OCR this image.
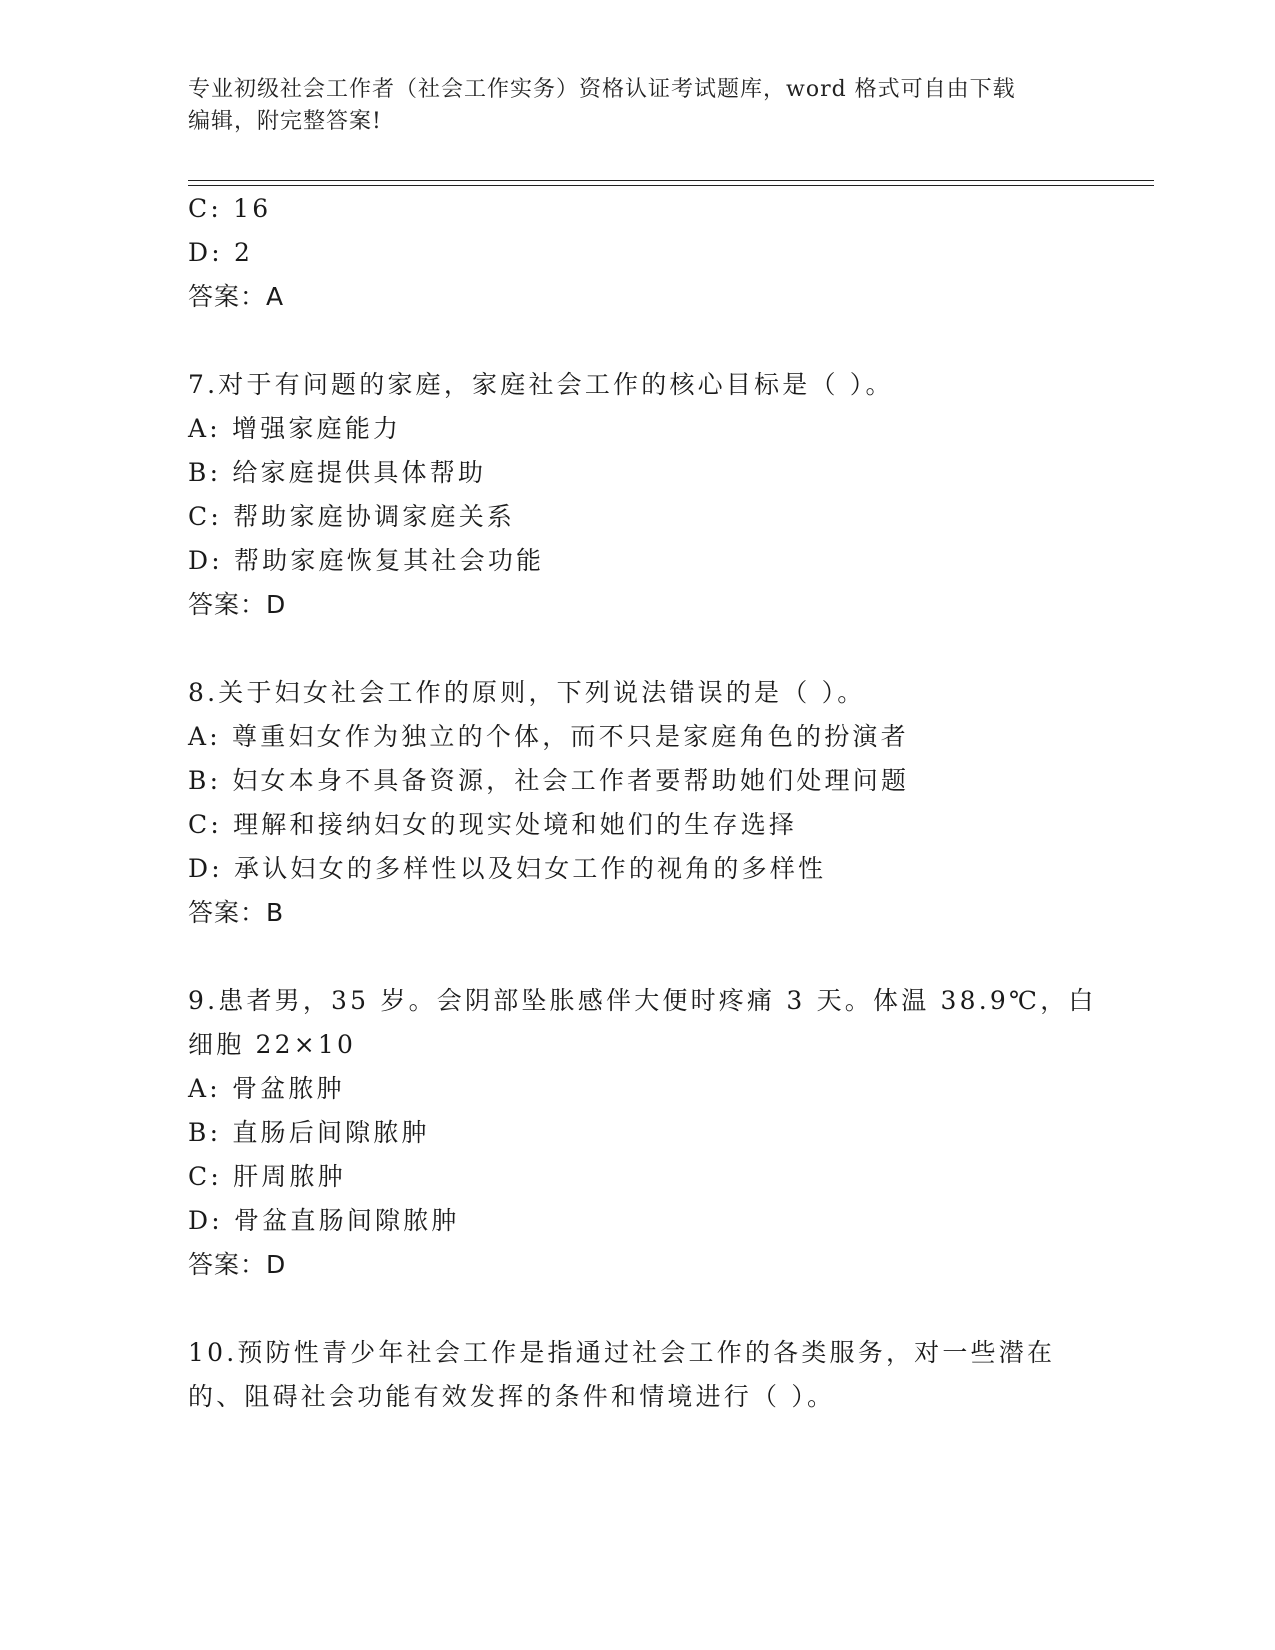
专业初级社会工作者（社会工作实务）资格认证考试题库，word 格式可自由下载
编辑，附完整答案!
C: 16
D: 2
答案：A
7.对于有问题的家庭，家庭社会工作的核心目标是（ ）。
A: 增强家庭能力
B: 给家庭提供具体帮助
C: 帮助家庭协调家庭关系
D: 帮助家庭恢复其社会功能
答案：D
8.关于妇女社会工作的原则，下列说法错误的是（ ）。
A: 尊重妇女作为独立的个体，而不只是家庭角色的扮演者
B: 妇女本身不具备资源，社会工作者要帮助她们处理问题
C: 理解和接纳妇女的现实处境和她们的生存选择
D: 承认妇女的多样性以及妇女工作的视角的多样性
答案：B
9.患者男，35 岁。会阴部坠胀感伴大便时疼痛 3 天。体温 38.9℃，白
细胞 22×10
A: 骨盆脓肿
B: 直肠后间隙脓肿
C: 肝周脓肿
D: 骨盆直肠间隙脓肿
答案：D
10.预防性青少年社会工作是指通过社会工作的各类服务，对一些潜在
的、阻碍社会功能有效发挥的条件和情境进行（ ）。
